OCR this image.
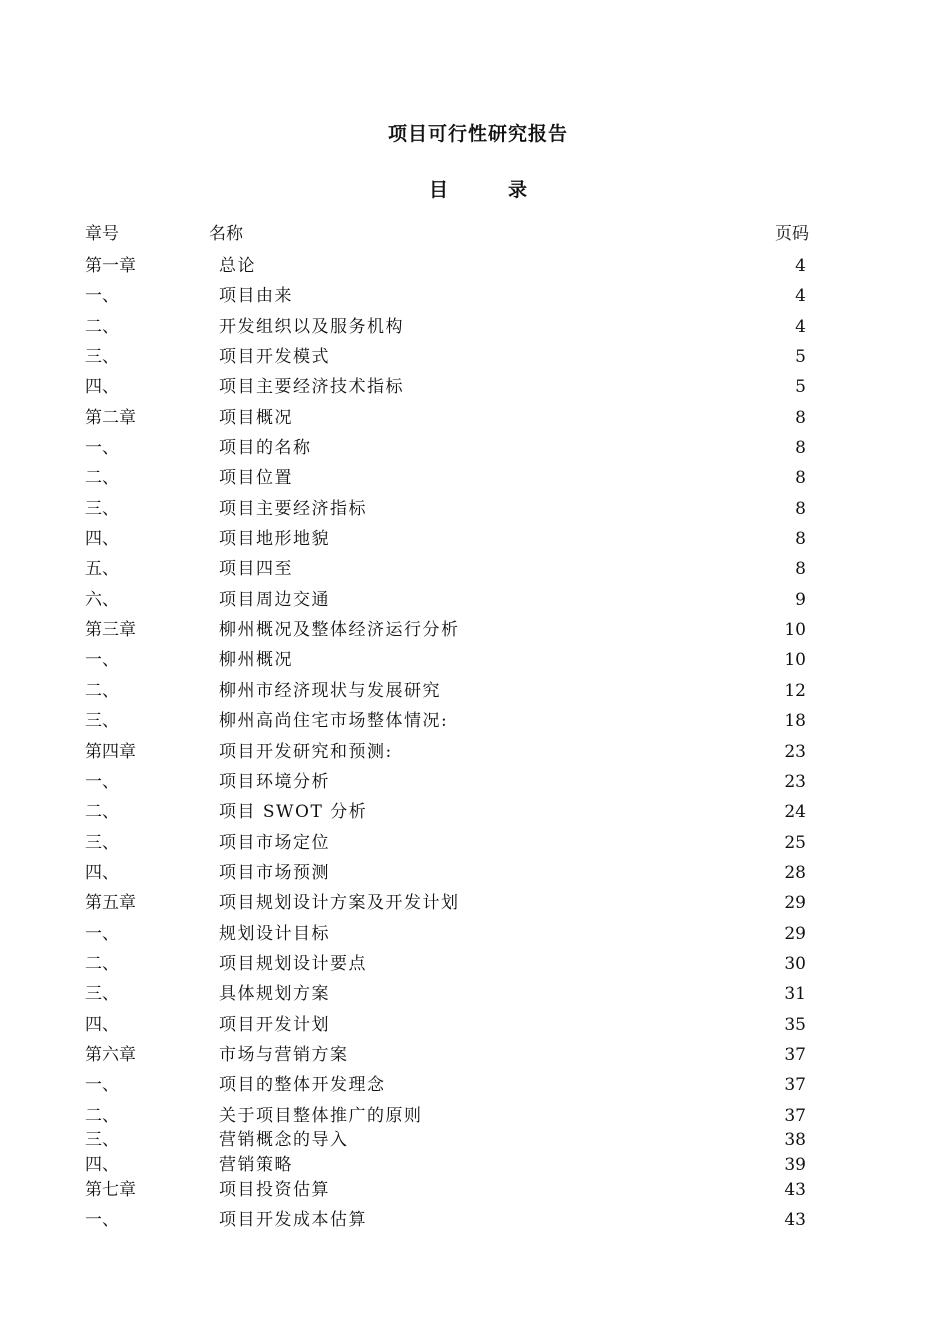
项目可行性研究报告
目	录
章号	名称	页码
第一章	总论	4
一、	项目由来	4
二、	开发组织以及服务机构	4
三、	项目开发模式	5
四、	项目主要经济技术指标	5
第二章	项目概况	8
一、	项目的名称	8
二、	项目位置	8
三、	项目主要经济指标	8
四、	项目地形地貌	8
五、	项目四至	8
六、	项目周边交通	9
第三章	柳州概况及整体经济运行分析	10
一、	柳州概况	10
二、	柳州市经济现状与发展研究	12
三、	柳州高尚住宅市场整体情况:	18
第四章	项目开发研究和预测:	23
一、	项目环境分析	23
二、	项目 SWOT 分析	24
三、	项目市场定位	25
四、	项目市场预测	28
第五章	项目规划设计方案及开发计划	29
一、	规划设计目标	29
二、	项目规划设计要点	30
三、	具体规划方案	31
四、	项目开发计划	35
第六章	市场与营销方案	37
一、	项目的整体开发理念	37
二、	关于项目整体推广的原则	37
三、	营销概念的导入	38
四、	营销策略	39
第七章	项目投资估算	43
一、	项目开发成本估算	43
